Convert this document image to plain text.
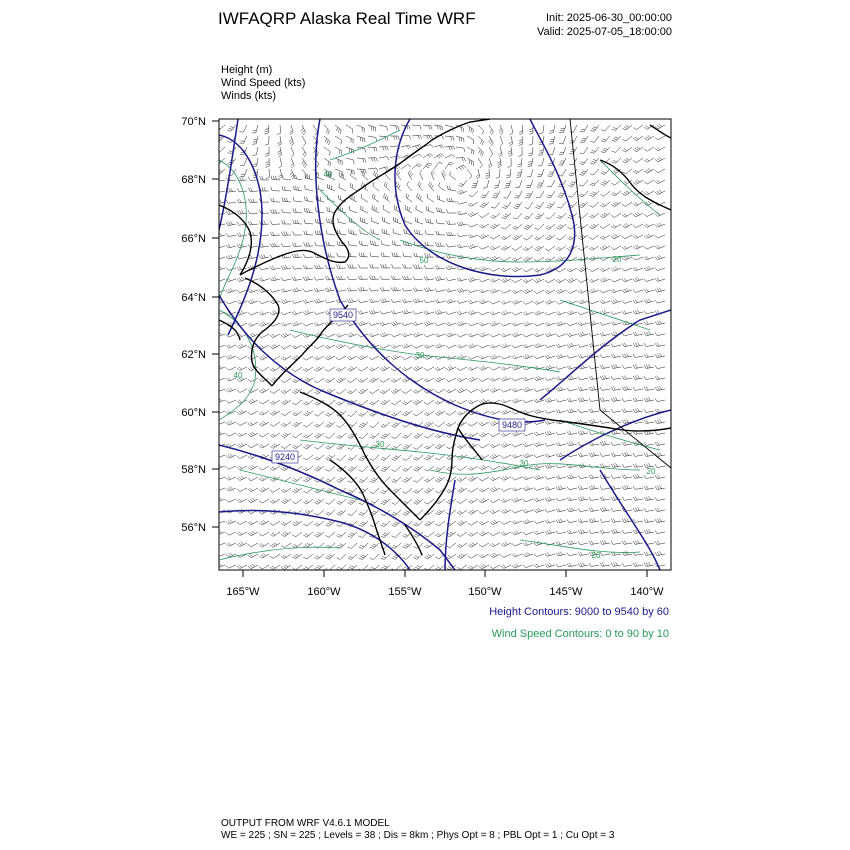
IWFAQRP Alaska Real Time WRF	Init: 2025-06-30_00:00:00
Valid: 2025-07-05_18:00:00
Height (m)
Wind Speed (kts)
Winds (kts)
9540
9480
9240
40
50
30
40
30
20
30
20
20
70°N
68°N
66°N
64°N
62°N
60°N
58°N
56°N
165°W	160°W	155°W	150°W	145°W	140°W
Height Contours: 9000 to 9540 by 60
Wind Speed Contours: 0 to 90 by 10
OUTPUT FROM WRF V4.6.1 MODEL
WE = 225 ; SN = 225 ; Levels = 38 ; Dis = 8km ; Phys Opt = 8 ; PBL Opt = 1 ; Cu Opt = 3
